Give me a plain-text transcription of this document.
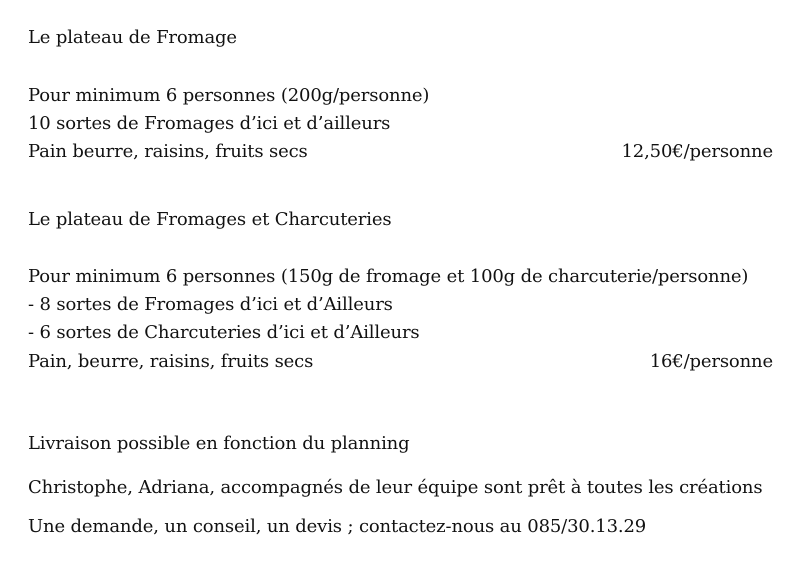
Le plateau de Fromage
Pour minimum 6 personnes (200g/personne)
10 sortes de Fromages d’ici et d’ailleurs
Pain beurre, raisins, fruits secs	12,50€/personne
Le plateau de Fromages et Charcuteries
Pour minimum 6 personnes (150g de fromage et 100g de charcuterie/personne)
- 8 sortes de Fromages d’ici et d’Ailleurs
- 6 sortes de Charcuteries d’ici et d’Ailleurs
Pain, beurre, raisins, fruits secs	16€/personne
Livraison possible en fonction du planning
Christophe, Adriana, accompagnés de leur équipe sont prêt à toutes les créations
Une demande, un conseil, un devis ; contactez-nous au 085/30.13.29
